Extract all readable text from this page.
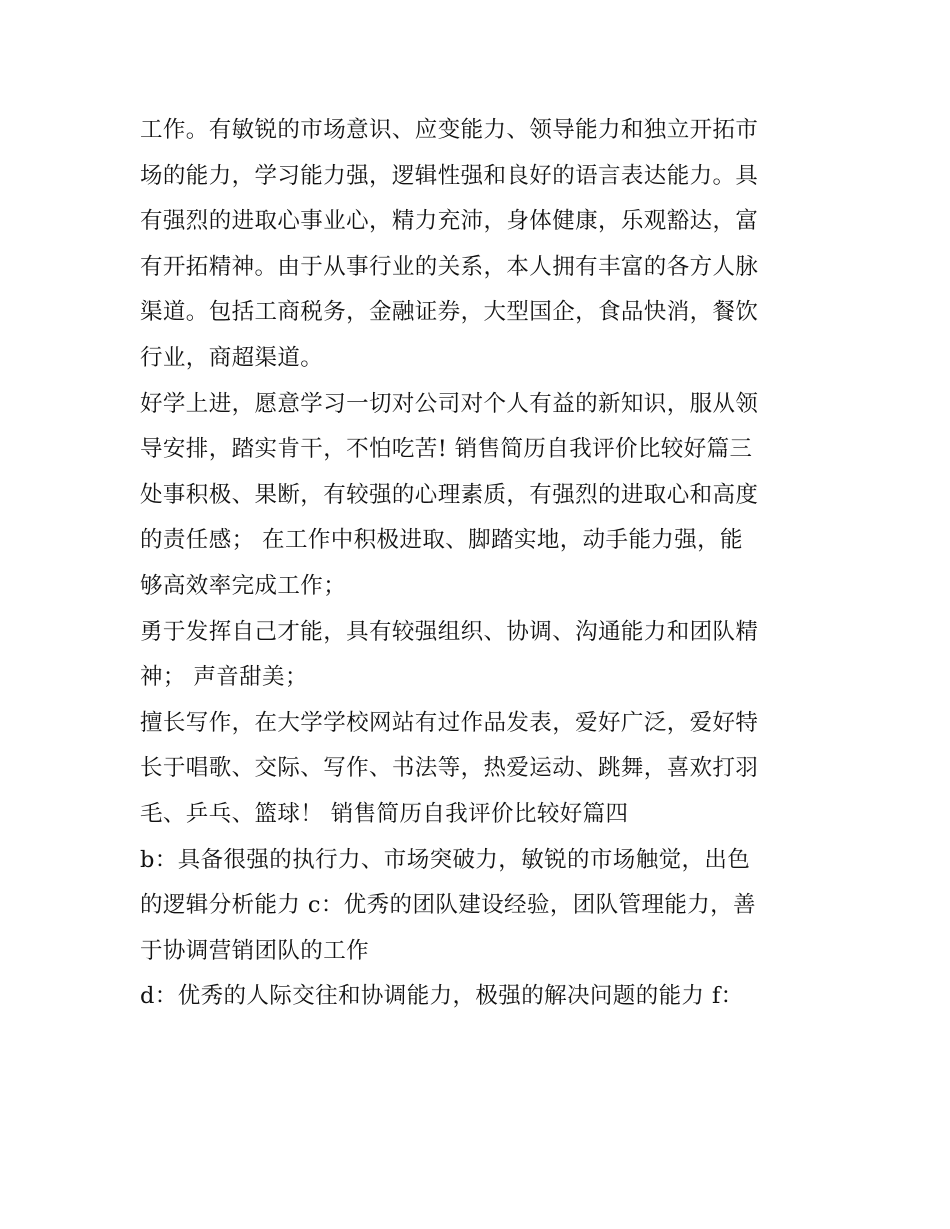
工作。有敏锐的市场意识、应变能力、领导能力和独立开拓市
场的能力，学习能力强，逻辑性强和良好的语言表达能力。具
有强烈的进取心事业心，精力充沛，身体健康，乐观豁达，富
有开拓精神。由于从事行业的关系，本人拥有丰富的各方人脉
渠道。包括工商税务，金融证券，大型国企，食品快消，餐饮
行业，商超渠道。
好学上进，愿意学习一切对公司对个人有益的新知识，服从领
导安排，踏实肯干，不怕吃苦! 销售简历自我评价比较好篇三
处事积极、果断，有较强的心理素质，有强烈的进取心和高度
的责任感； 在工作中积极进取、脚踏实地，动手能力强，能
够高效率完成工作；
勇于发挥自己才能，具有较强组织、协调、沟通能力和团队精
神； 声音甜美；
擅长写作，在大学学校网站有过作品发表，爱好广泛，爱好特
长于唱歌、交际、写作、书法等，热爱运动、跳舞，喜欢打羽
毛、乒乓、篮球！ 销售简历自我评价比较好篇四
b：具备很强的执行力、市场突破力，敏锐的市场触觉，出色
的逻辑分析能力 c：优秀的团队建设经验，团队管理能力，善
于协调营销团队的工作
d：优秀的人际交往和协调能力，极强的解决问题的能力 f：
